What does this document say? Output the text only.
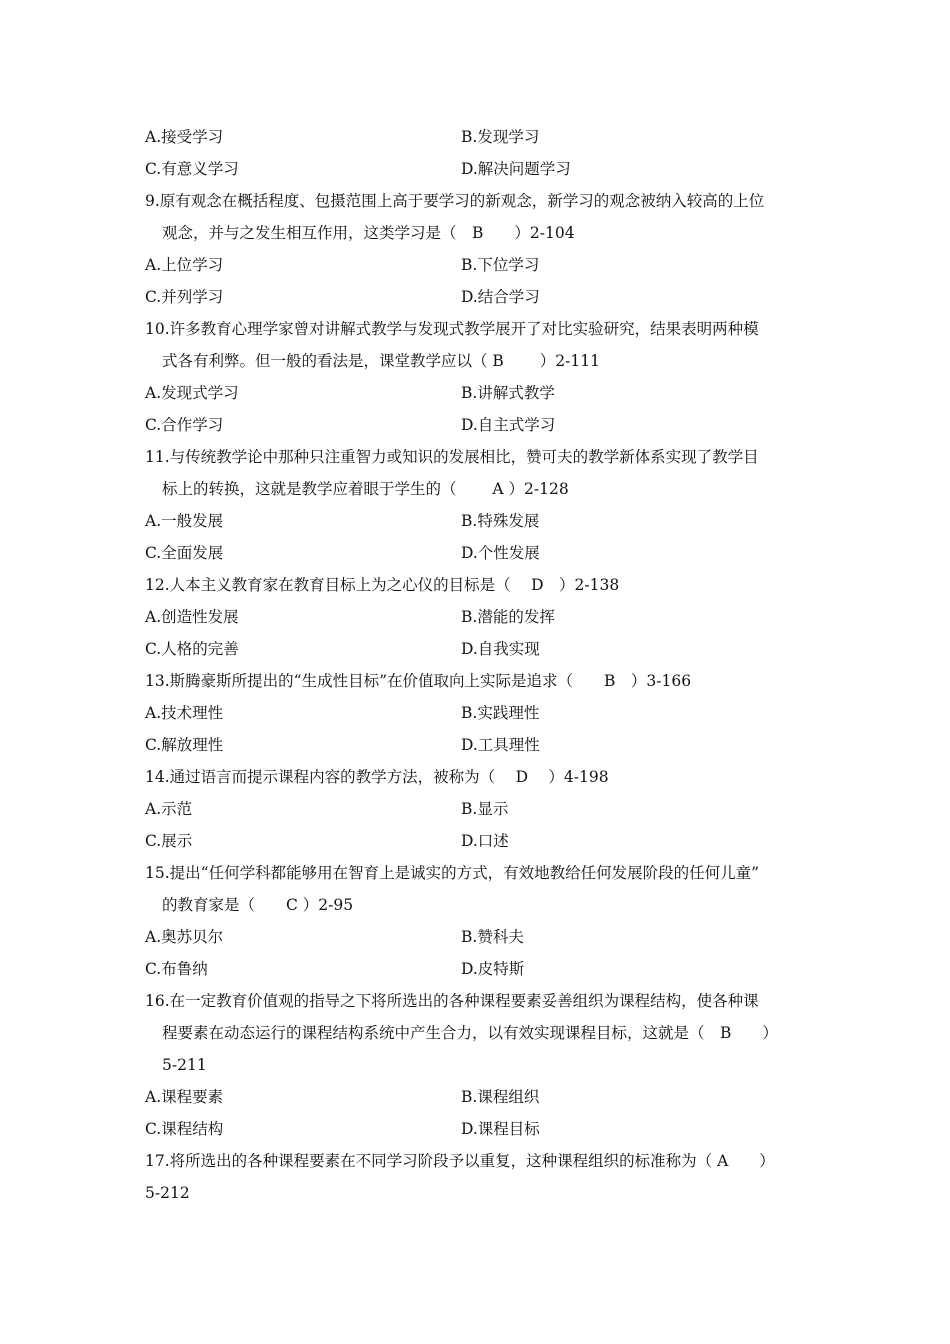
A.接受学习	B.发现学习
C.有意义学习	D.解决问题学习
9.原有观念在概括程度、包摄范围上高于要学习的新观念，新学习的观念被纳入较高的上位
观念，并与之发生相互作用，这类学习是（　B　　）2-104
A.上位学习	B.下位学习
C.并列学习	D.结合学习
10.许多教育心理学家曾对讲解式教学与发现式教学展开了对比实验研究，结果表明两种模
式各有利弊。但一般的看法是，课堂教学应以（ B　　 ）2-111
A.发现式学习	B.讲解式教学
C.合作学习	D.自主式学习
11.与传统教学论中那种只注重智力或知识的发展相比，赞可夫的教学新体系实现了教学目
标上的转换，这就是教学应着眼于学生的（　　 A ）2-128
A.一般发展	B.特殊发展
C.全面发展	D.个性发展
12.人本主义教育家在教育目标上为之心仪的目标是（　 D　）2-138
A.创造性发展	B.潜能的发挥
C.人格的完善	D.自我实现
13.斯腾豪斯所提出的“生成性目标”在价值取向上实际是追求（　　B　）3-166
A.技术理性	B.实践理性
C.解放理性	D.工具理性
14.通过语言而提示课程内容的教学方法，被称为（　 D　 ）4-198
A.示范	B.显示
C.展示	D.口述
15.提出“任何学科都能够用在智育上是诚实的方式，有效地教给任何发展阶段的任何儿童”
的教育家是（　　C ）2-95
A.奥苏贝尔	B.赞科夫
C.布鲁纳	D.皮特斯
16.在一定教育价值观的指导之下将所选出的各种课程要素妥善组织为课程结构，使各种课
程要素在动态运行的课程结构系统中产生合力，以有效实现课程目标，这就是（　B　　）
5-211
A.课程要素	B.课程组织
C.课程结构	D.课程目标
17.将所选出的各种课程要素在不同学习阶段予以重复，这种课程组织的标准称为（ A　　）
5-212
